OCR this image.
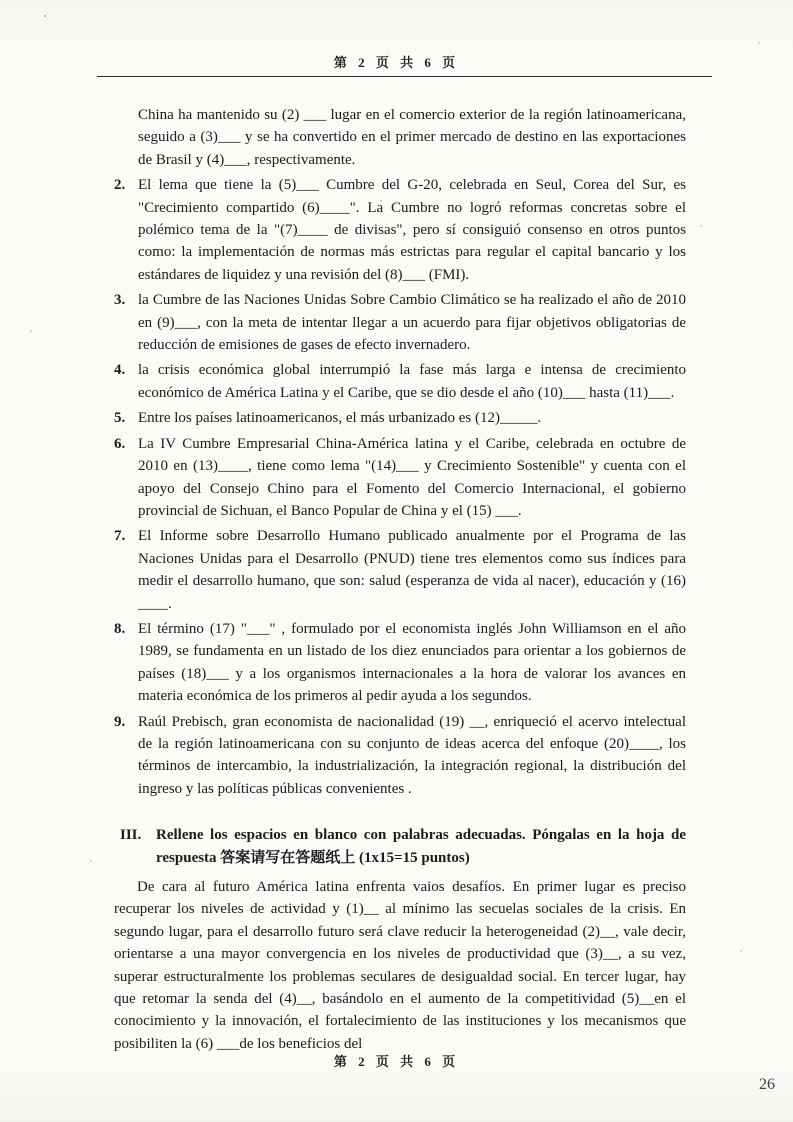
第 2 页 共 6 页
China ha mantenido su (2) ___ lugar en el comercio exterior de la región latinoamericana, seguido a (3)___ y se ha convertido en el primer mercado de destino en las exportaciones de Brasil y (4)___, respectivamente.
2. El lema que tiene la (5)___ Cumbre del G-20, celebrada en Seul, Corea del Sur, es "Crecimiento compartido (6)____". La Cumbre no logró reformas concretas sobre el polémico tema de la "(7)____ de divisas", pero sí consiguió consenso en otros puntos como: la implementación de normas más estrictas para regular el capital bancario y los estándares de liquidez y una revisión del (8)___ (FMI).
3. la Cumbre de las Naciones Unidas Sobre Cambio Climático se ha realizado el año de 2010 en (9)___, con la meta de intentar llegar a un acuerdo para fijar objetivos obligatorias de reducción de emisiones de gases de efecto invernadero.
4. la crisis económica global interrumpió la fase más larga e intensa de crecimiento económico de América Latina y el Caribe, que se dio desde el año (10)___ hasta (11)___.
5. Entre los países latinoamericanos, el más urbanizado es (12)_____.
6. La IV Cumbre Empresarial China-América latina y el Caribe, celebrada en octubre de 2010 en (13)____, tiene como lema "(14)___ y Crecimiento Sostenible" y cuenta con el apoyo del Consejo Chino para el Fomento del Comercio Internacional, el gobierno provincial de Sichuan, el Banco Popular de China y el (15) ___.
7. El Informe sobre Desarrollo Humano publicado anualmente por el Programa de las Naciones Unidas para el Desarrollo (PNUD) tiene tres elementos como sus índices para medir el desarrollo humano, que son: salud (esperanza de vida al nacer), educación y (16) ____.
8. El término (17) "___" , formulado por el economista inglés John Williamson en el año 1989, se fundamenta en un listado de los diez enunciados para orientar a los gobiernos de países (18)___ y a los organismos internacionales a la hora de valorar los avances en materia económica de los primeros al pedir ayuda a los segundos.
9. Raúl Prebisch, gran economista de nacionalidad (19) __, enriqueció el acervo intelectual de la región latinoamericana con su conjunto de ideas acerca del enfoque (20)____, los términos de intercambio, la industrialización, la integración regional, la distribución del ingreso y las políticas públicas convenientes .
III. Rellene los espacios en blanco con palabras adecuadas. Póngalas en la hoja de respuesta 答案请写在答题纸上 (1x15=15 puntos)
De cara al futuro América latina enfrenta vaios desafíos. En primer lugar es preciso recuperar los niveles de actividad y (1)__ al mínimo las secuelas sociales de la crisis. En segundo lugar, para el desarrollo futuro será clave reducir la heterogeneidad (2)__, vale decir, orientarse a una mayor convergencia en los niveles de productividad que (3)__, a su vez, superar estructuralmente los problemas seculares de desigualdad social. En tercer lugar, hay que retomar la senda del (4)__, basándolo en el aumento de la competitividad (5)__en el conocimiento y la innovación, el fortalecimiento de las instituciones y los mecanismos que posibiliten la (6) ___de los beneficios del
第 2 页 共 6 页
26
